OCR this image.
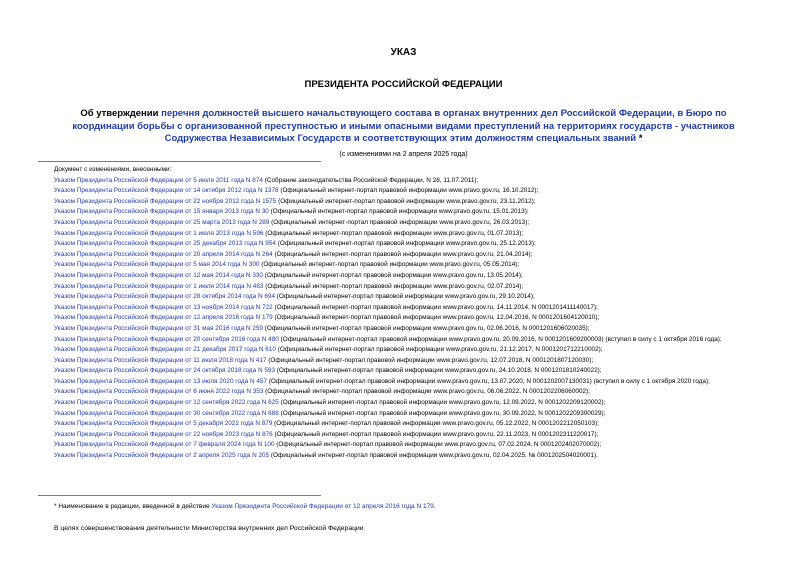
УКАЗ
ПРЕЗИДЕНТА РОССИЙСКОЙ ФЕДЕРАЦИИ
Об утверждении перечня должностей высшего начальствующего состава в органах внутренних дел Российской Федерации, в Бюро по координации борьбы с организованной преступностью и иными опасными видами преступлений на территориях государств - участников Содружества Независимых Государств и соответствующих этим должностям специальных званий *
(с изменениями на 2 апреля 2025 года)
Документ с изменениями, внесенными:
Указом Президента Российской Федерации от 5 июля 2011 года N 874 (Собрание законодательства Российской Федерации, N 28, 11.07.2011);
Указом Президента Российской Федерации от 14 октября 2012 года N 1378 (Официальный интернет-портал правовой информации www.pravo.gov.ru, 16.10.2012);
Указом Президента Российской Федерации от 22 ноября 2012 года N 1575 (Официальный интернет-портал правовой информации www.pravo.gov.ru, 23.11.2012);
Указом Президента Российской Федерации от 15 января 2013 года N 30 (Официальный интернет-портал правовой информации www.pravo.gov.ru, 15.01.2013);
Указом Президента Российской Федерации от 25 марта 2013 года N 289 (Официальный интернет-портал правовой информации www.pravo.gov.ru, 26.03.2013);
Указом Президента Российской Федерации от 1 июля 2013 года N 596 (Официальный интернет-портал правовой информации www.pravo.gov.ru, 01.07.2013);
Указом Президента Российской Федерации от 25 декабря 2013 года N 954 (Официальный интернет-портал правовой информации www.pravo.gov.ru, 25.12.2013);
Указом Президента Российской Федерации от 20 апреля 2014 года N 264 (Официальный интернет-портал правовой информации www.pravo.gov.ru, 21.04.2014);
Указом Президента Российской Федерации от 5 мая 2014 года N 300 (Официальный интернет-портал правовой информации www.pravo.gov.ru, 05.05.2014);
Указом Президента Российской Федерации от 12 мая 2014 года N 330 (Официальный интернет-портал правовой информации www.pravo.gov.ru, 13.05.2014);
Указом Президента Российской Федерации от 1 июля 2014 года N 483 (Официальный интернет-портал правовой информации www.pravo.gov.ru, 02.07.2014);
Указом Президента Российской Федерации от 28 октября 2014 года N 694 (Официальный интернет-портал правовой информации www.pravo.gov.ru, 29.10.2014);
Указом Президента Российской Федерации от 13 ноября 2014 года N 722 (Официальный интернет-портал правовой информации www.pravo.gov.ru, 14.11.2014, N 0001201411140017);
Указом Президента Российской Федерации от 12 апреля 2016 года N 179 (Официальный интернет-портал правовой информации www.pravo.gov.ru, 12.04.2016, N 0001201604120010);
Указом Президента Российской Федерации от 31 мая 2016 года N 259 (Официальный интернет-портал правовой информации www.pravo.gov.ru, 02.06.2016, N 0001201606020035);
Указом Президента Российской Федерации от 20 сентября 2016 года N 480 (Официальный интернет-портал правовой информации www.pravo.gov.ru, 20.09.2016, N 0001201609200003) (вступил в силу с 1 октября 2016 года);
Указом Президента Российской Федерации от 21 декабря 2017 года N 610 (Официальный интернет-портал правовой информации www.pravo.gov.ru, 21.12.2017, N 0001201712210002);
Указом Президента Российской Федерации от 11 июля 2018 года N 417 (Официальный интернет-портал правовой информации www.pravo.gov.ru, 12.07.2018, N 0001201807120030);
Указом Президента Российской Федерации от 24 октября 2018 года N 593 (Официальный интернет-портал правовой информации www.pravo.gov.ru, 24.10.2018, N 0001201810240022);
Указом Президента Российской Федерации от 13 июля 2020 года N 457 (Официальный интернет-портал правовой информации www.pravo.gov.ru, 13.07.2020, N 0001202007130031) (вступил в силу с 1 октября 2020 года);
Указом Президента Российской Федерации от 6 июня 2022 года N 353 (Официальный интернет-портал правовой информации www.pravo.gov.ru, 06.06.2022, N 0001202206060002);
Указом Президента Российской Федерации от 12 сентября 2022 года N 625 (Официальный интернет-портал правовой информации www.pravo.gov.ru, 12.09.2022, N 0001202209120002);
Указом Президента Российской Федерации от 30 сентября 2022 года N 688 (Официальный интернет-портал правовой информации www.pravo.gov.ru, 30.09.2022, N 0001202209300029);
Указом Президента Российской Федерации от 5 декабря 2022 года N 879 (Официальный интернет-портал правовой информации www.pravo.gov.ru, 05.12.2022, N 0001202212050103);
Указом Президента Российской Федерации от 22 ноября 2023 года N 876 (Официальный интернет-портал правовой информации www.pravo.gov.ru, 22.11.2023, N 0001202311220017);
Указом Президента Российской Федерации от 7 февраля 2024 года N 100 (Официальный интернет-портал правовой информации www.pravo.gov.ru, 07.02.2024, N 0001202402070002);
Указом Президента Российской Федерации от 2 апреля 2025 года N 205 (Официальный интернет-портал правовой информации www.pravo.gov.ru, 02.04.2025, № 0001202504020001).
* Наименование в редакции, введенной в действие Указом Президента Российской Федерации от 12 апреля 2016 года N 179.
В целях совершенствования деятельности Министерства внутренних дел Российской Федерации
